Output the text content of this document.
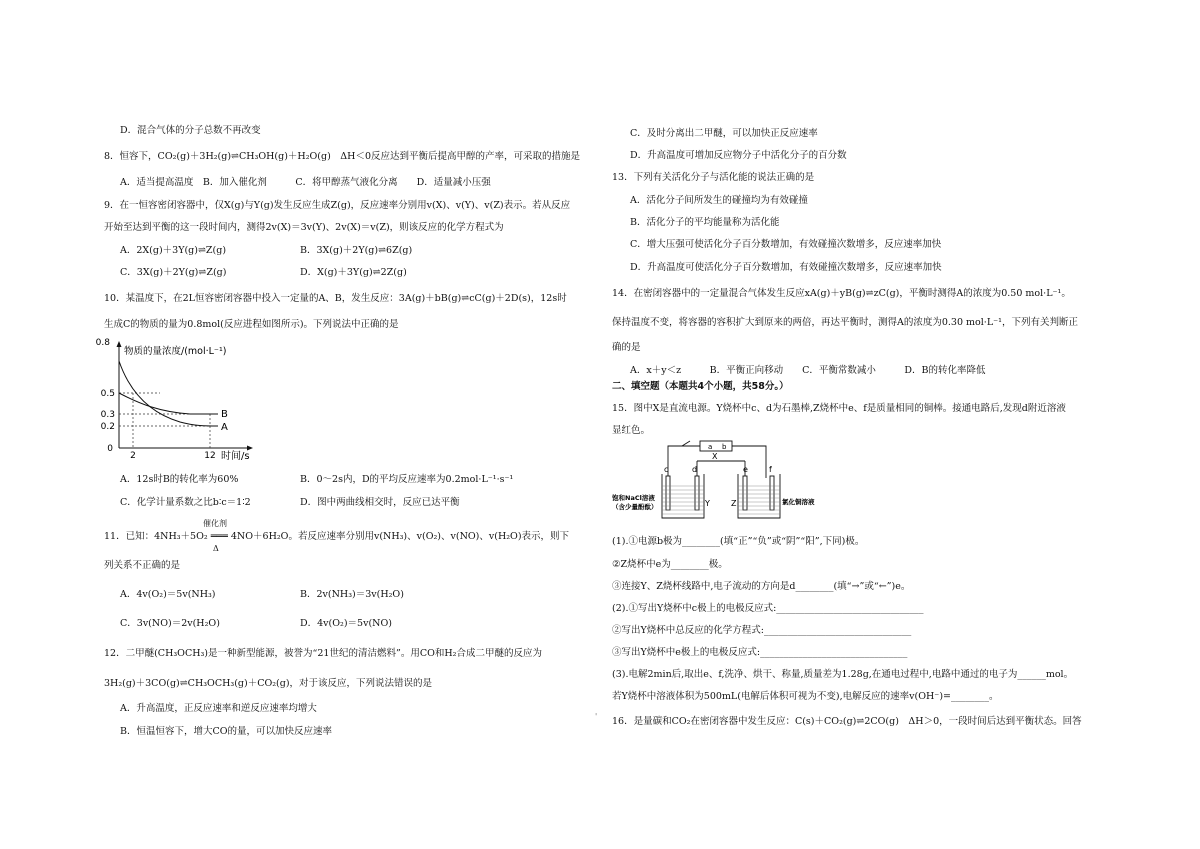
D．混合气体的分子总数不再改变
8．恒容下，CO₂(g)＋3H₂(g)⇌CH₃OH(g)＋H₂O(g)　ΔH＜0反应达到平衡后提高甲醇的产率，可采取的措施是
A．适当提高温度　B．加入催化剂　　　C．将甲醇蒸气液化分离　　D．适量减小压强
9．在一恒容密闭容器中，仅X(g)与Y(g)发生反应生成Z(g)，反应速率分别用v(X)、v(Y)、v(Z)表示。若从反应
开始至达到平衡的这一段时间内，测得2v(X)＝3v(Y)、2v(X)＝v(Z)，则该反应的化学方程式为
A．2X(g)＋3Y(g)⇌Z(g)	B．3X(g)＋2Y(g)⇌6Z(g)
C．3X(g)＋2Y(g)⇌Z(g)	D．X(g)＋3Y(g)⇌2Z(g)
10．某温度下，在2L恒容密闭容器中投入一定量的A、B，发生反应：3A(g)＋bB(g)⇌cC(g)＋2D(s)，12s时
生成C的物质的量为0.8mol(反应进程如图所示)。下列说法中正确的是
0.8
0.5
0.3
0.2
0
2	12
B
A
物质的量浓度/(mol·L⁻¹)
时间/s
A．12s时B的转化率为60%	B．0～2s内，D的平均反应速率为0.2mol·L⁻¹·s⁻¹
C．化学计量系数之比b∶c＝1∶2	D．图中两曲线相交时，反应已达平衡
催化剂
11．已知：4NH₃＋5O₂ ═══ 4NO＋6H₂O。若反应速率分别用v(NH₃)、v(O₂)、v(NO)、v(H₂O)表示，则下
Δ
列关系不正确的是
A．4v(O₂)＝5v(NH₃)	B．2v(NH₃)＝3v(H₂O)
C．3v(NO)＝2v(H₂O)	D．4v(O₂)＝5v(NO)
12．二甲醚(CH₃OCH₃)是一种新型能源，被誉为“21世纪的清洁燃料”。用CO和H₂合成二甲醚的反应为
3H₂(g)＋3CO(g)⇌CH₃OCH₃(g)＋CO₂(g)，对于该反应，下列说法错误的是
A．升高温度，正反应速率和逆反应速率均增大
B．恒温恒容下，增大CO的量，可以加快反应速率
'
C．及时分离出二甲醚，可以加快正反应速率
D．升高温度可增加反应物分子中活化分子的百分数
13．下列有关活化分子与活化能的说法正确的是
A．活化分子间所发生的碰撞均为有效碰撞
B．活化分子的平均能量称为活化能
C．增大压强可使活化分子百分数增加，有效碰撞次数增多，反应速率加快
D．升高温度可使活化分子百分数增加，有效碰撞次数增多，反应速率加快
14．在密闭容器中的一定量混合气体发生反应xA(g)＋yB(g)⇌zC(g)，平衡时测得A的浓度为0.50 mol·L⁻¹。
保持温度不变，将容器的容积扩大到原来的两倍，再达平衡时，测得A的浓度为0.30 mol·L⁻¹，下列有关判断正
确的是
A．x＋y＜z　　　B．平衡正向移动　　C．平衡常数减小　　　D．B的转化率降低
二、填空题（本题共4个小题，共58分。）
15．图中X是直流电源。Y烧杯中c、d为石墨棒,Z烧杯中e、f是质量相同的铜棒。接通电路后,发现d附近溶液
显红色。
a b
X
c	d	e	f
Y	Z
饱和NaCl溶液
（含少量酚酞）
氯化铜溶液
(1).①电源b极为________(填“正”“负”或“阴”“阳”,下同)极。
②Z烧杯中e为________极。
③连接Y、Z烧杯线路中,电子流动的方向是d________(填“→”或“←”)e。
(2).①写出Y烧杯中c极上的电极反应式:_______________________________
②写出Y烧杯中总反应的化学方程式:_______________________________
③写出Y烧杯中e极上的电极反应式:_______________________________
(3).电解2min后,取出e、f,洗净、烘干、称量,质量差为1.28g,在通电过程中,电路中通过的电子为______mol。
若Y烧杯中溶液体积为500mL(电解后体积可视为不变),电解反应的速率v(OH⁻)=________。
16．是量碳和CO₂在密闭容器中发生反应：C(s)＋CO₂(g)⇌2CO(g)　ΔH＞0，一段时间后达到平衡状态。回答
